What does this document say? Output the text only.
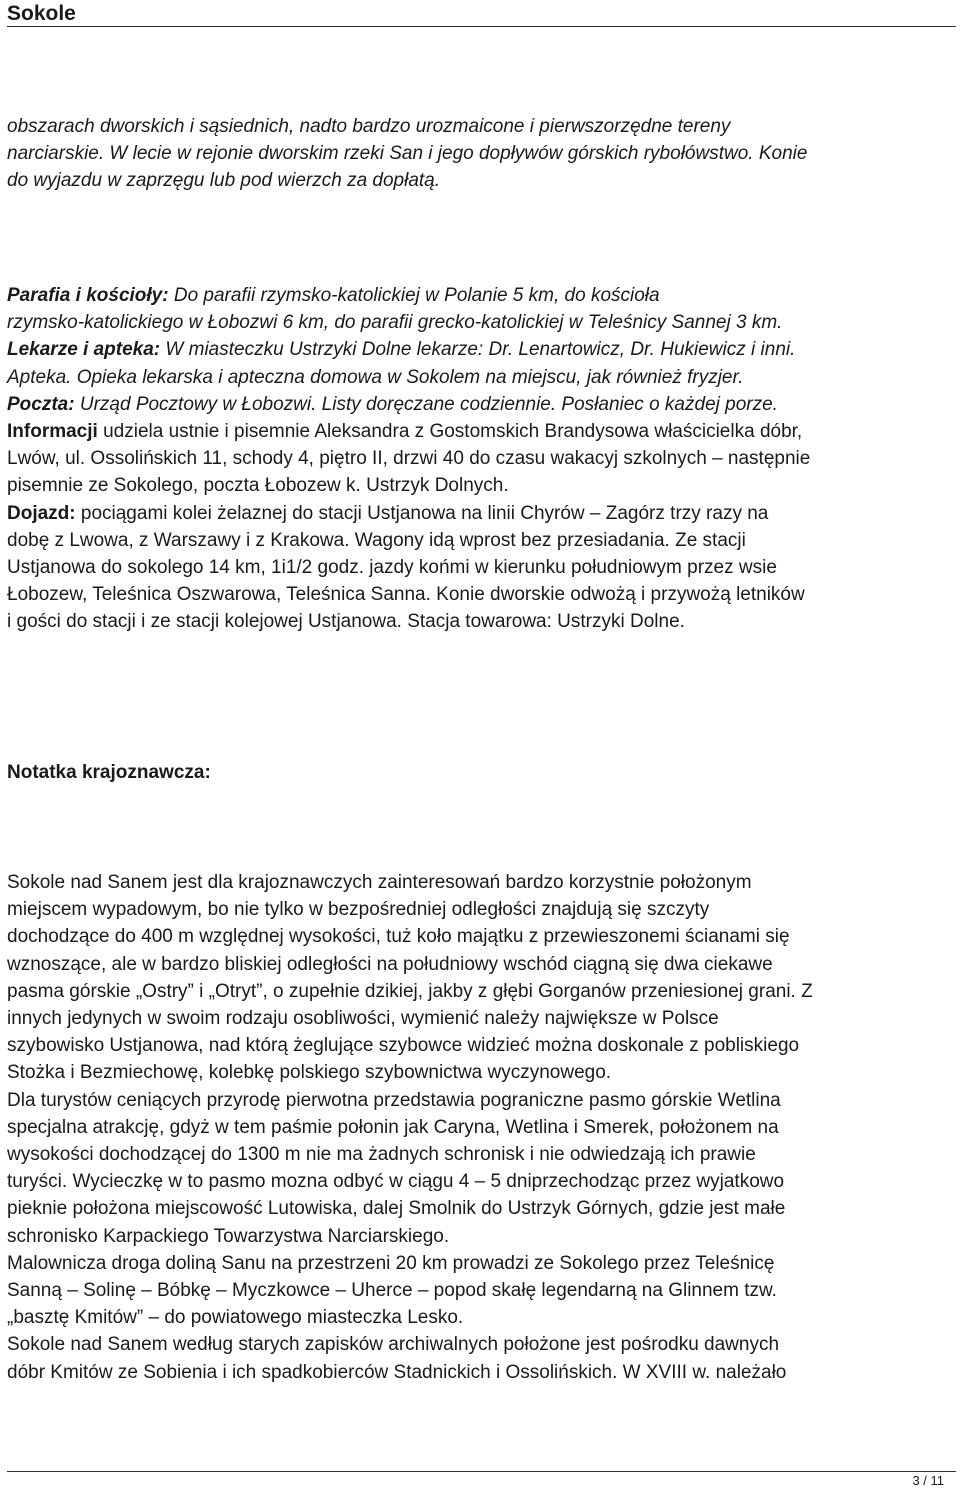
Sokole
obszarach dworskich i sąsiednich, nadto bardzo urozmaicone i pierwszorzędne tereny
narciarskie. W lecie w rejonie dworskim rzeki San i jego dopływów górskich rybołówstwo. Konie
do wyjazdu w zaprzęgu lub pod wierzch za dopłatą.
Parafia i kościoły: Do parafii rzymsko-katolickiej w Polanie 5 km, do kościoła
rzymsko-katolickiego w Łobozwi 6 km, do parafii grecko-katolickiej w Teleśnicy Sannej 3 km.
Lekarze i apteka: W miasteczku Ustrzyki Dolne lekarze: Dr. Lenartowicz, Dr. Hukiewicz i inni.
Apteka. Opieka lekarska i apteczna domowa w Sokolem na miejscu, jak również fryzjer.
Poczta: Urząd Pocztowy w Łobozwi. Listy doręczane codziennie. Posłaniec o każdej porze.
Informacji udziela ustnie i pisemnie Aleksandra z Gostomskich Brandysowa właścicielka dóbr,
Lwów, ul. Ossolińskich 11, schody 4, piętro II, drzwi 40 do czasu wakacyj szkolnych – następnie
pisemnie ze Sokolego, poczta Łobozew k. Ustrzyk Dolnych.
Dojazd: pociągami kolei żelaznej do stacji Ustjanowa na linii Chyrów – Zagórz trzy razy na
dobę z Lwowa, z Warszawy i z Krakowa. Wagony idą wprost bez przesiadania. Ze stacji
Ustjanowa do sokolego 14 km, 1i1/2 godz. jazdy końmi w kierunku południowym przez wsie
Łobozew, Teleśnica Oszwarowa, Teleśnica Sanna. Konie dworskie odwożą i przywożą letników
i gości do stacji i ze stacji kolejowej Ustjanowa. Stacja towarowa: Ustrzyki Dolne.
Notatka krajoznawcza:
Sokole nad Sanem jest dla krajoznawczych zainteresowań bardzo korzystnie położonym
miejscem wypadowym, bo nie tylko w bezpośredniej odległości znajdują się szczyty
dochodzące do 400 m względnej wysokości, tuż koło majątku z przewieszonemi ścianami się
wznoszące, ale w bardzo bliskiej odległości na południowy wschód ciągną się dwa ciekawe
pasma górskie „Ostry” i „Otryt”, o zupełnie dzikiej, jakby z głębi Gorganów przeniesionej grani. Z
innych jedynych w swoim rodzaju osobliwości, wymienić należy największe w Polsce
szybowisko Ustjanowa, nad którą żeglujące szybowce widzieć można doskonale z pobliskiego
Stożka i Bezmiechowę, kolebkę polskiego szybownictwa wyczynowego.
Dla turystów ceniących przyrodę pierwotna przedstawia pograniczne pasmo górskie Wetlina
specjalna atrakcję, gdyż w tem paśmie połonin jak Caryna, Wetlina i Smerek, położonem na
wysokości dochodzącej do 1300 m nie ma żadnych schronisk i nie odwiedzają ich prawie
turyści. Wycieczkę w to pasmo mozna odbyć w ciągu 4 – 5 dniprzechodząc przez wyjatkowo
pieknie położona miejscowość Lutowiska, dalej Smolnik do Ustrzyk Górnych, gdzie jest małe
schronisko Karpackiego Towarzystwa Narciarskiego.
Malownicza droga doliną Sanu na przestrzeni 20 km prowadzi ze Sokolego przez Teleśnicę
Sanną – Solinę – Bóbkę – Myczkowce – Uherce – popod skałę legendarną na Glinnem tzw.
„basztę Kmitów” – do powiatowego miasteczka Lesko.
Sokole nad Sanem według starych zapisków archiwalnych położone jest pośrodku dawnych
dóbr Kmitów ze Sobienia i ich spadkobierców Stadnickich i Ossolińskich. W XVIII w. należało
3 / 11
